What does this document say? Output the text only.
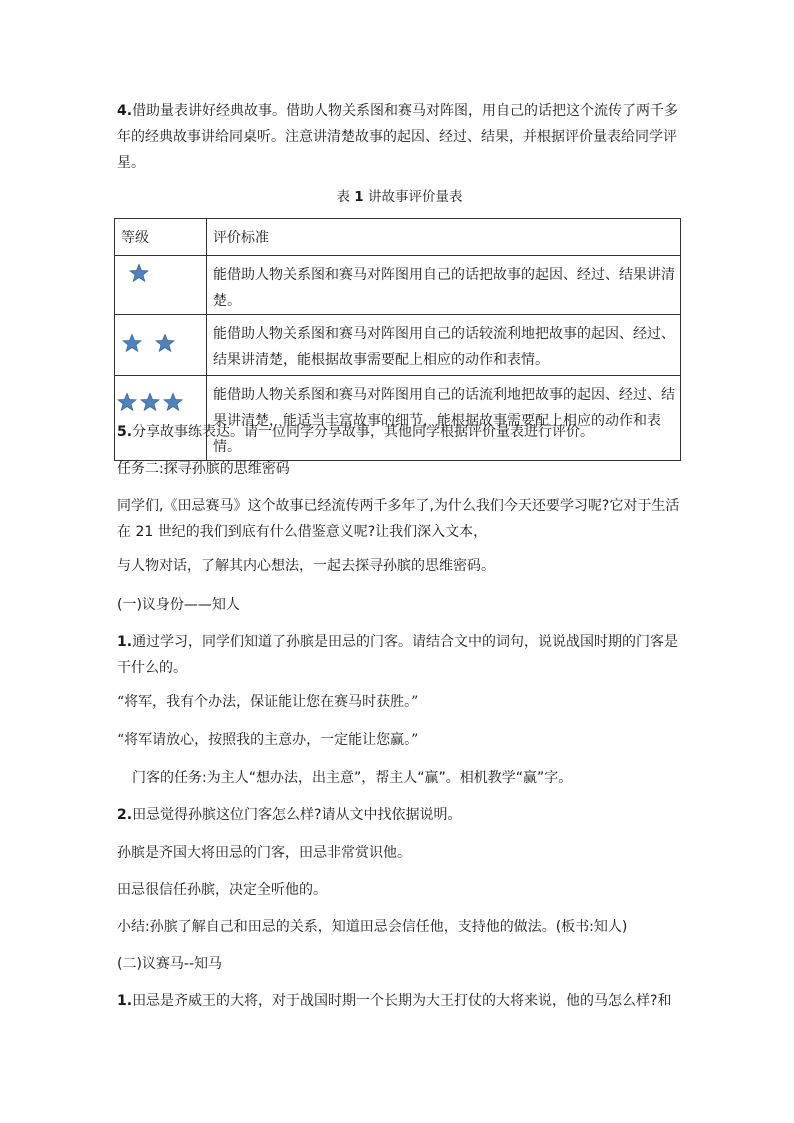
4.借助量表讲好经典故事。借助人物关系图和赛马对阵图，用自己的话把这个流传了两千多年的经典故事讲给同桌听。注意讲清楚故事的起因、经过、结果，并根据评价量表给同学评星。

表 1 讲故事评价量表

等级	评价标准

	能借助人物关系图和赛马对阵图用自己的话把故事的起因、经过、结果讲清楚。

	能借助人物关系图和赛马对阵图用自己的话较流利地把故事的起因、经过、结果讲清楚，能根据故事需要配上相应的动作和表情。

	能借助人物关系图和赛马对阵图用自己的话流利地把故事的起因、经过、结果讲清楚，能适当丰富故事的细节，能根据故事需要配上相应的动作和表情。

5.分享故事练表达。请一位同学分享故事，其他同学根据评价量表进行评价。

任务二:探寻孙膑的思维密码

同学们,《田忌赛马》这个故事已经流传两千多年了,为什么我们今天还要学习呢?它对于生活在 21 世纪的我们到底有什么借鉴意义呢?让我们深入文本，

与人物对话，了解其内心想法，一起去探寻孙膑的思维密码。

(一)议身份——知人

1.通过学习，同学们知道了孙膑是田忌的门客。请结合文中的词句，说说战国时期的门客是干什么的。

“将军，我有个办法，保证能让您在赛马时获胜。”

“将军请放心，按照我的主意办，一定能让您赢。”

门客的任务:为主人“想办法，出主意”，帮主人“赢”。相机教学“赢”字。

2.田忌觉得孙膑这位门客怎么样?请从文中找依据说明。

孙膑是齐国大将田忌的门客，田忌非常赏识他。

田忌很信任孙膑，决定全听他的。

小结:孙膑了解自己和田忌的关系，知道田忌会信任他，支持他的做法。(板书:知人)

(二)议赛马--知马

1.田忌是齐威王的大将，对于战国时期一个长期为大王打仗的大将来说，他的马怎么样?和
